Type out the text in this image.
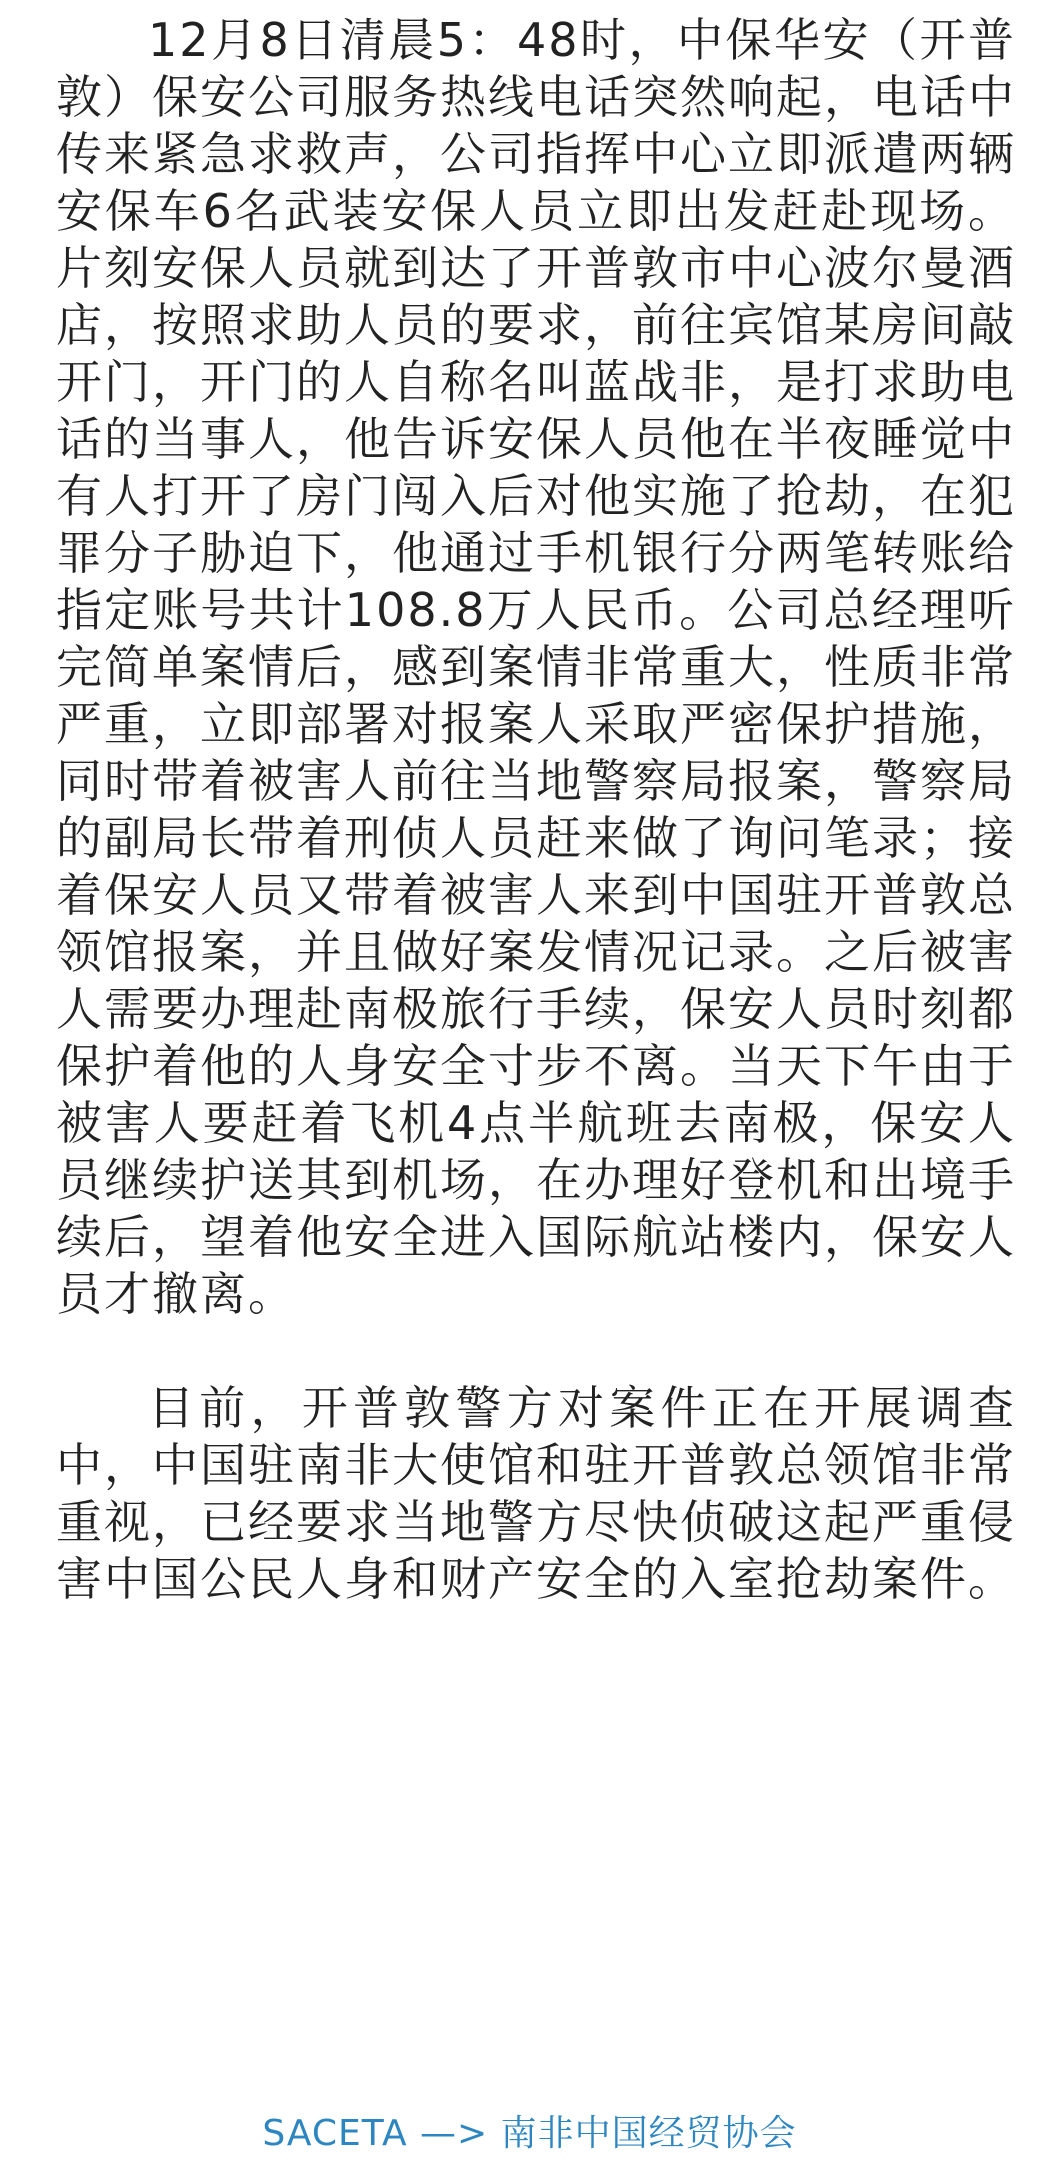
12月8日清晨5：48时，中保华安（开普敦）保安公司服务热线电话突然响起，电话中传来紧急求救声，公司指挥中心立即派遣两辆安保车6名武装安保人员立即出发赶赴现场。片刻安保人员就到达了开普敦市中心波尔曼酒店，按照求助人员的要求，前往宾馆某房间敲开门，开门的人自称名叫蓝战非，是打求助电话的当事人，他告诉安保人员他在半夜睡觉中有人打开了房门闯入后对他实施了抢劫，在犯罪分子胁迫下，他通过手机银行分两笔转账给指定账号共计108.8万人民币。公司总经理听完简单案情后，感到案情非常重大，性质非常严重，立即部署对报案人采取严密保护措施，同时带着被害人前往当地警察局报案，警察局的副局长带着刑侦人员赶来做了询问笔录；接着保安人员又带着被害人来到中国驻开普敦总领馆报案，并且做好案发情况记录。之后被害人需要办理赴南极旅行手续，保安人员时刻都保护着他的人身安全寸步不离。当天下午由于被害人要赶着飞机4点半航班去南极，保安人员继续护送其到机场，在办理好登机和出境手续后，望着他安全进入国际航站楼内，保安人员才撤离。

目前，开普敦警方对案件正在开展调查中，中国驻南非大使馆和驻开普敦总领馆非常重视，已经要求当地警方尽快侦破这起严重侵害中国公民人身和财产安全的入室抢劫案件。

SACETA —> 南非中国经贸协会
